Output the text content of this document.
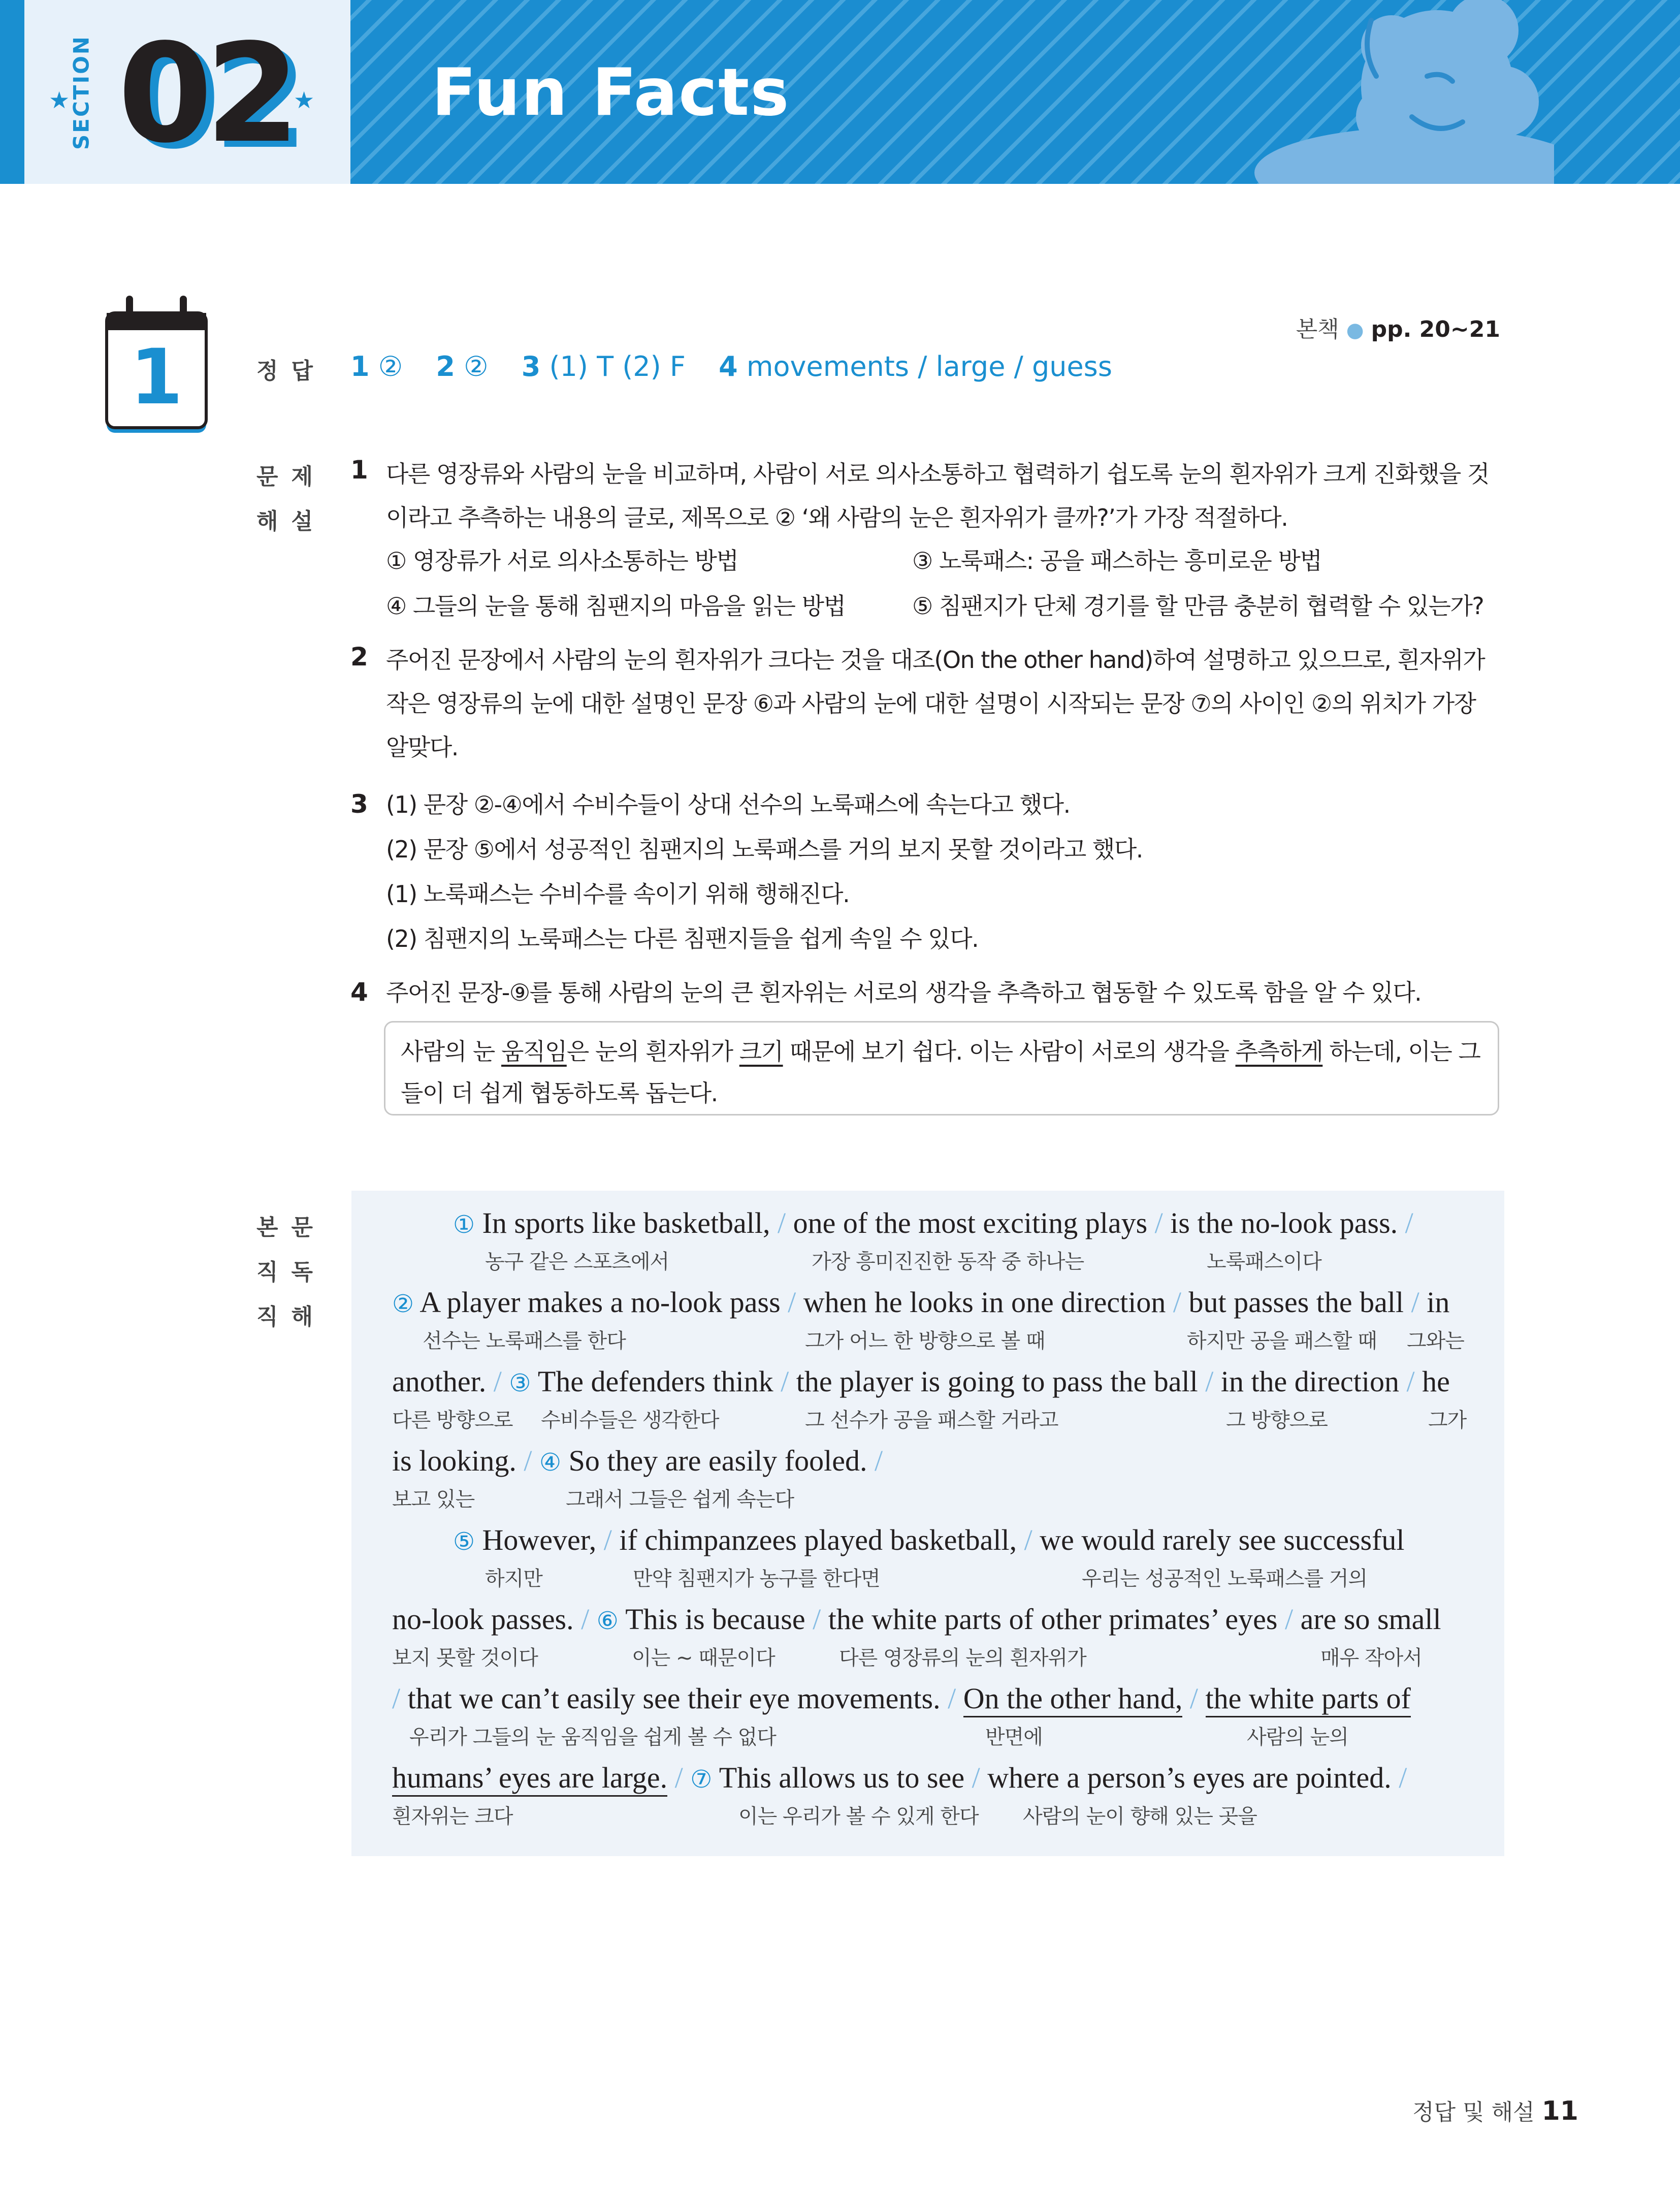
SECTION
★	★
02 Fun Facts
1
본책 ● pp. 20~21
정답 1 ② 2 ② 3 (1) T (2) F 4 movements / large / guess
문제
해설
1 다른 영장류와 사람의 눈을 비교하며, 사람이 서로 의사소통하고 협력하기 쉽도록 눈의 흰자위가 크게 진화했을 것이라고 추측하는 내용의 글로, 제목으로 ② ‘왜 사람의 눈은 흰자위가 클까?’가 가장 적절하다.
① 영장류가 서로 의사소통하는 방법	③ 노룩패스: 공을 패스하는 흥미로운 방법
④ 그들의 눈을 통해 침팬지의 마음을 읽는 방법	⑤ 침팬지가 단체 경기를 할 만큼 충분히 협력할 수 있는가?
2 주어진 문장에서 사람의 눈의 흰자위가 크다는 것을 대조(On the other hand)하여 설명하고 있으므로, 흰자위가 작은 영장류의 눈에 대한 설명인 문장 ⑥과 사람의 눈에 대한 설명이 시작되는 문장 ⑦의 사이인 ②의 위치가 가장 알맞다.
3 (1) 문장 ②-④에서 수비수들이 상대 선수의 노룩패스에 속는다고 했다.
(2) 문장 ⑤에서 성공적인 침팬지의 노룩패스를 거의 보지 못할 것이라고 했다.
(1) 노룩패스는 수비수를 속이기 위해 행해진다.
(2) 침팬지의 노룩패스는 다른 침팬지들을 쉽게 속일 수 있다.
4 주어진 문장-⑨를 통해 사람의 눈의 큰 흰자위는 서로의 생각을 추측하고 협동할 수 있도록 함을 알 수 있다.
사람의 눈 움직임은 눈의 흰자위가 크기 때문에 보기 쉽다. 이는 사람이 서로의 생각을 추측하게 하는데, 이는 그들이 더 쉽게 협동하도록 돕는다.
본문
직독
직해
① In sports like basketball, / one of the most exciting plays / is the no-look pass. /
농구 같은 스포츠에서	가장 흥미진진한 동작 중 하나는	노룩패스이다
② A player makes a no-look pass / when he looks in one direction / but passes the ball / in
선수는 노룩패스를 한다	그가 어느 한 방향으로 볼 때	하지만 공을 패스할 때 그와는
another. / ③ The defenders think / the player is going to pass the ball / in the direction / he
다른 방향으로 수비수들은 생각한다	그 선수가 공을 패스할 거라고	그 방향으로	그가
is looking. / ④ So they are easily fooled. /
보고 있는	그래서 그들은 쉽게 속는다
⑤ However, / if chimpanzees played basketball, / we would rarely see successful
하지만	만약 침팬지가 농구를 한다면	우리는 성공적인 노룩패스를 거의
no-look passes. / ⑥ This is because / the white parts of other primates’ eyes / are so small
보지 못할 것이다	이는 ~ 때문이다	다른 영장류의 눈의 흰자위가	매우 작아서
/ that we can’t easily see their eye movements. / On the other hand, / the white parts of
우리가 그들의 눈 움직임을 쉽게 볼 수 없다	반면에	사람의 눈의
humans’ eyes are large. / ⑦ This allows us to see / where a person’s eyes are pointed. /
흰자위는 크다	이는 우리가 볼 수 있게 한다 사람의 눈이 향해 있는 곳을
정답 및 해설 11
